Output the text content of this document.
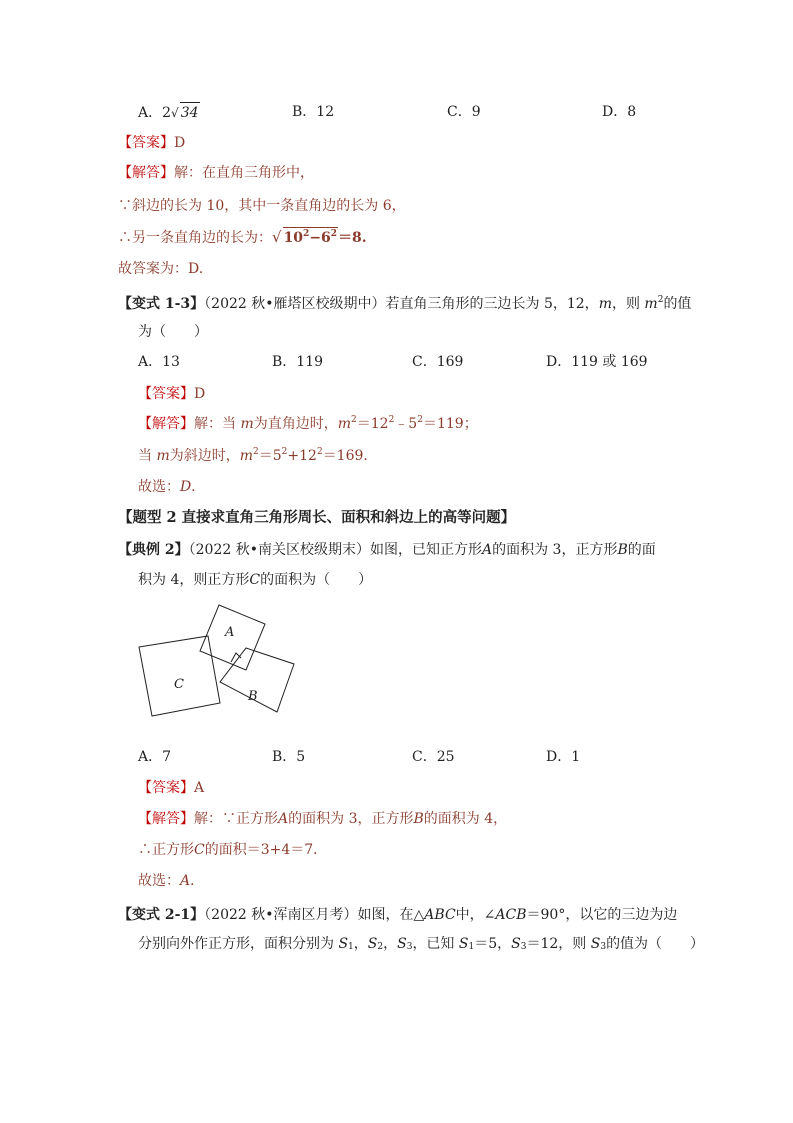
A．2√ 34	B．12	C．9	D．8
【答案】D
【解答】解：在直角三角形中，
∵斜边的长为 10，其中一条直角边的长为 6，
∴另一条直角边的长为：√ $10^2-6^2=8$.
故答案为：D.
【变式 1-3】（2022 秋•雁塔区校级期中）若直角三角形的三边长为 5，12，m，则 $m^2$的值
为（　　）
A．13	B．119	C．169	D．119 或 169
【答案】D
【解答】解：当 m为直角边时，$m^2=12^2﹣5^2=119$；
当 m为斜边时，$m^2=5^2+12^2=169$．
故选：D．
【题型 2 直接求直角三角形周长、面积和斜边上的高等问题】
【典例 2】（2022 秋•南关区校级期末）如图，已知正方形A的面积为 3，正方形B的面
积为 4，则正方形C的面积为（　　）
A
B
C
A．7	B．5	C．25	D．1
【答案】A
【解答】解：∵正方形A的面积为 3，正方形B的面积为 4，
∴正方形C的面积＝3+4＝7．
故选：A．
【变式 2-1】（2022 秋•浑南区月考）如图，在△ABC中，∠ACB＝90°，以它的三边为边
分别向外作正方形，面积分别为 $S_1$，$S_2$，$S_3$，已知 $S_1=5$，$S_3=12$，则 $S_3$的值为（　　）
